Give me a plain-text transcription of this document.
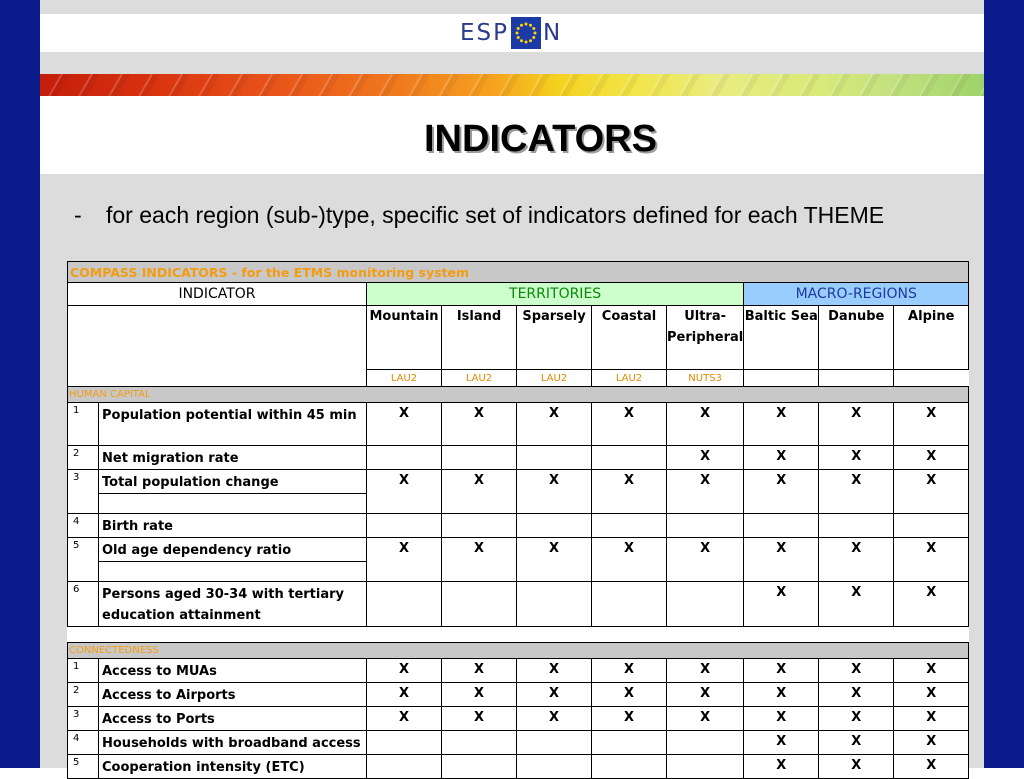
ESP N
INDICATORS
- for each region (sub-)type, specific set of indicators defined for each THEME
COMPASS INDICATORS - for the ETMS monitoring system									
INDICATOR		TERRITORIES					MACRO-REGIONS		

		Mountain	Island	Sparsely	Coastal	Ultra-
Peripheral	Baltic Sea	Danube	Alpine

		LAU2	LAU2	LAU2	LAU2	NUTS3			
HUMAN CAPITAL									
1	Population potential within 45 min	X	X	X	X	X	X	X	X
2	Net migration rate					X	X	X	X
3	Total population change	X	X	X	X	X	X	X	X

4	Birth rate								

5	Old age dependency ratio	X	X	X	X	X	X	X	X

6	Persons aged 30-34 with tertiary
education attainment						X	X	X

CONNECTEDNESS									
1	Access to MUAs	X	X	X	X	X	X	X	X
2	Access to Airports	X	X	X	X	X	X	X	X
3	Access to Ports	X	X	X	X	X	X	X	X
4	Households with broadband access						X	X	X
5	Cooperation intensity (ETC)						X	X	X
